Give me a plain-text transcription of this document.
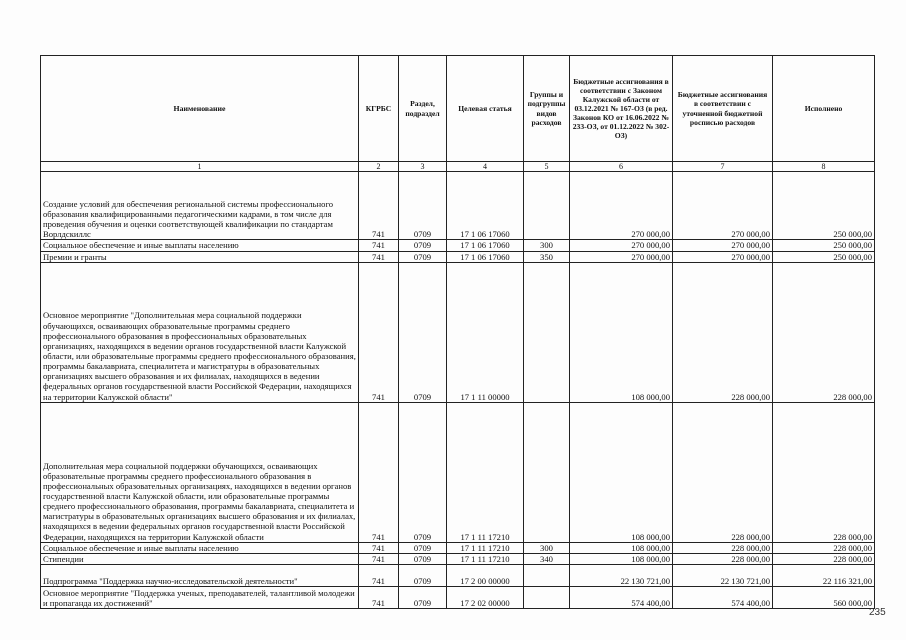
Наименование	КГРБС	Раздел, подраздел	Целевая статья	Группы и подгруппы видов расходов	Бюджетные ассигнования в соответствии с Законом Калужской области от 03.12.2021 № 167-ОЗ (в ред. Законов КО от 16.06.2022 № 233-ОЗ, от 01.12.2022 № 302-ОЗ)	Бюджетные ассигнования в соответствии с уточненной бюджетной росписью расходов	Исполнено
1	2	3	4	5	6	7	8
Создание условий для обеспечения региональной системы профессионального образования квалифицированными педагогическими кадрами, в том числе для проведения обучения и оценки соответствующей квалификации по стандартам Ворлдскиллс	741	0709	17 1 06 17060		270 000,00	270 000,00	250 000,00
Социальное обеспечение и иные выплаты населению	741	0709	17 1 06 17060	300	270 000,00	270 000,00	250 000,00
Премии и гранты	741	0709	17 1 06 17060	350	270 000,00	270 000,00	250 000,00
Основное мероприятие "Дополнительная мера социальной поддержки обучающихся, осваивающих образовательные программы среднего профессионального образования в профессиональных образовательных организациях, находящихся в ведении органов государственной власти Калужской области, или образовательные программы среднего профессионального образования, программы бакалавриата, специалитета и магистратуры в образовательных организациях высшего образования и их филиалах, находящихся в ведении федеральных органов государственной власти Российской Федерации, находящихся на территории Калужской области"	741	0709	17 1 11 00000		108 000,00	228 000,00	228 000,00
Дополнительная мера социальной поддержки обучающихся, осваивающих образовательные программы среднего профессионального образования в профессиональных образовательных организациях, находящихся в ведении органов государственной власти Калужской области, или образовательные программы среднего профессионального образования, программы бакалавриата, специалитета и магистратуры в образовательных организациях высшего образования и их филиалах, находящихся в ведении федеральных органов государственной власти Российской Федерации, находящихся на территории Калужской области	741	0709	17 1 11 17210		108 000,00	228 000,00	228 000,00
Социальное обеспечение и иные выплаты населению	741	0709	17 1 11 17210	300	108 000,00	228 000,00	228 000,00
Стипендии	741	0709	17 1 11 17210	340	108 000,00	228 000,00	228 000,00
Подпрограмма "Поддержка научно-исследовательской деятельности"	741	0709	17 2 00 00000		22 130 721,00	22 130 721,00	22 116 321,00
Основное мероприятие "Поддержка ученых, преподавателей, талантливой молодежи и пропаганда их достижений"	741	0709	17 2 02 00000		574 400,00	574 400,00	560 000,00
235
